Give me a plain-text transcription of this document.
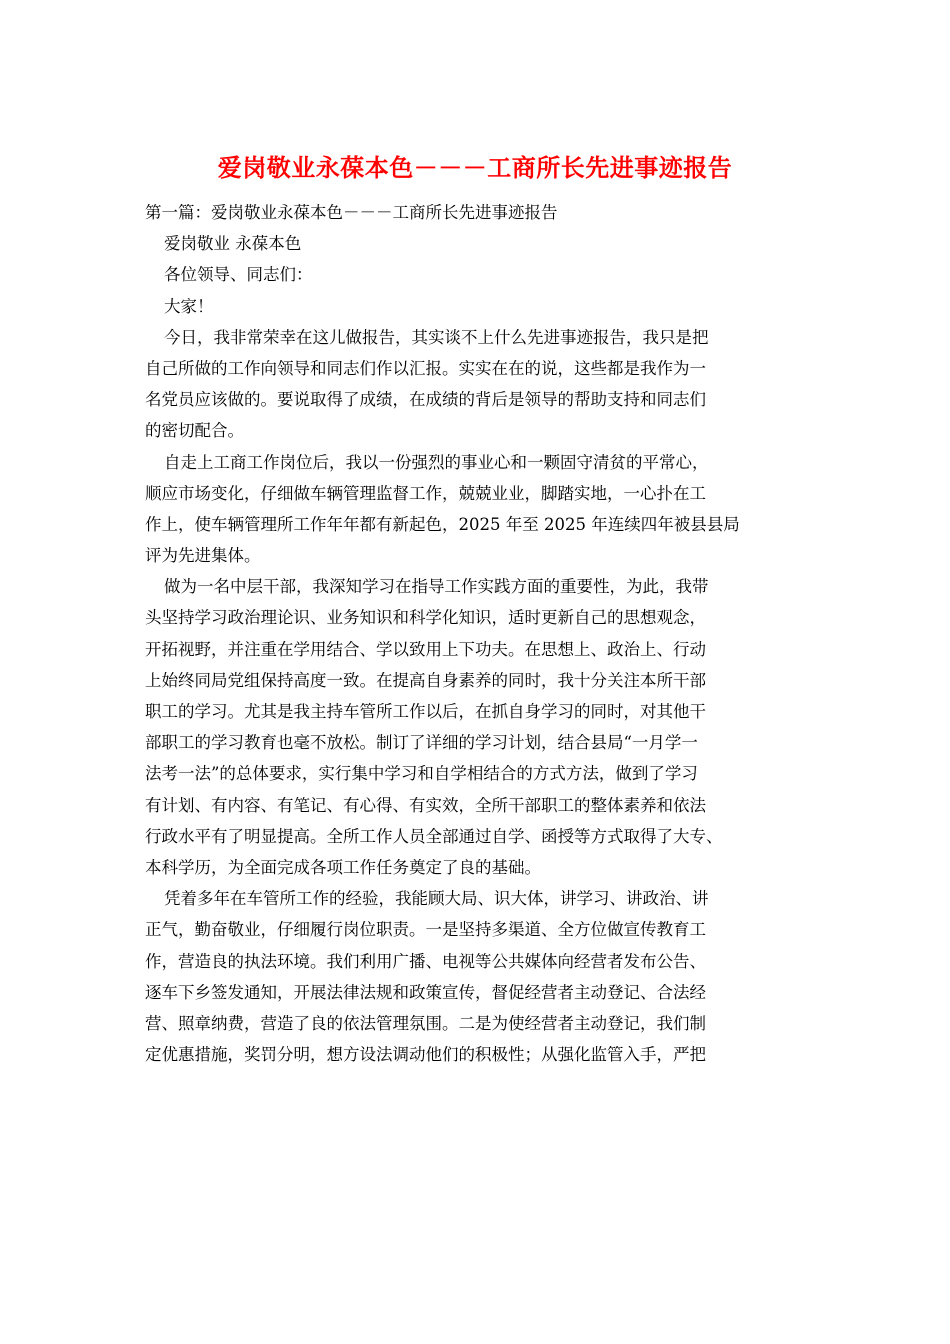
爱岗敬业永葆本色－－－工商所长先进事迹报告

第一篇：爱岗敬业永葆本色－－－工商所长先进事迹报告

爱岗敬业 永葆本色

各位领导、同志们：

大家！

今日，我非常荣幸在这儿做报告，其实谈不上什么先进事迹报告，我只是把

自己所做的工作向领导和同志们作以汇报。实实在在的说，这些都是我作为一

名党员应该做的。要说取得了成绩，在成绩的背后是领导的帮助支持和同志们

的密切配合。

自走上工商工作岗位后，我以一份强烈的事业心和一颗固守清贫的平常心，

顺应市场变化，仔细做车辆管理监督工作，兢兢业业，脚踏实地，一心扑在工

作上，使车辆管理所工作年年都有新起色，2025 年至 2025 年连续四年被县县局

评为先进集体。

做为一名中层干部，我深知学习在指导工作实践方面的重要性，为此，我带

头坚持学习政治理论识、业务知识和科学化知识，适时更新自己的思想观念，

开拓视野，并注重在学用结合、学以致用上下功夫。在思想上、政治上、行动

上始终同局党组保持高度一致。在提高自身素养的同时，我十分关注本所干部

职工的学习。尤其是我主持车管所工作以后，在抓自身学习的同时，对其他干

部职工的学习教育也毫不放松。制订了详细的学习计划，结合县局“一月学一

法考一法”的总体要求，实行集中学习和自学相结合的方式方法，做到了学习

有计划、有内容、有笔记、有心得、有实效，全所干部职工的整体素养和依法

行政水平有了明显提高。全所工作人员全部通过自学、函授等方式取得了大专、

本科学历，为全面完成各项工作任务奠定了良的基础。

凭着多年在车管所工作的经验，我能顾大局、识大体，讲学习、讲政治、讲

正气，勤奋敬业，仔细履行岗位职责。一是坚持多渠道、全方位做宣传教育工

作，营造良的执法环境。我们利用广播、电视等公共媒体向经营者发布公告、

逐车下乡签发通知，开展法律法规和政策宣传，督促经营者主动登记、合法经

营、照章纳费，营造了良的依法管理氛围。二是为使经营者主动登记，我们制

定优惠措施，奖罚分明，想方设法调动他们的积极性；从强化监管入手，严把
